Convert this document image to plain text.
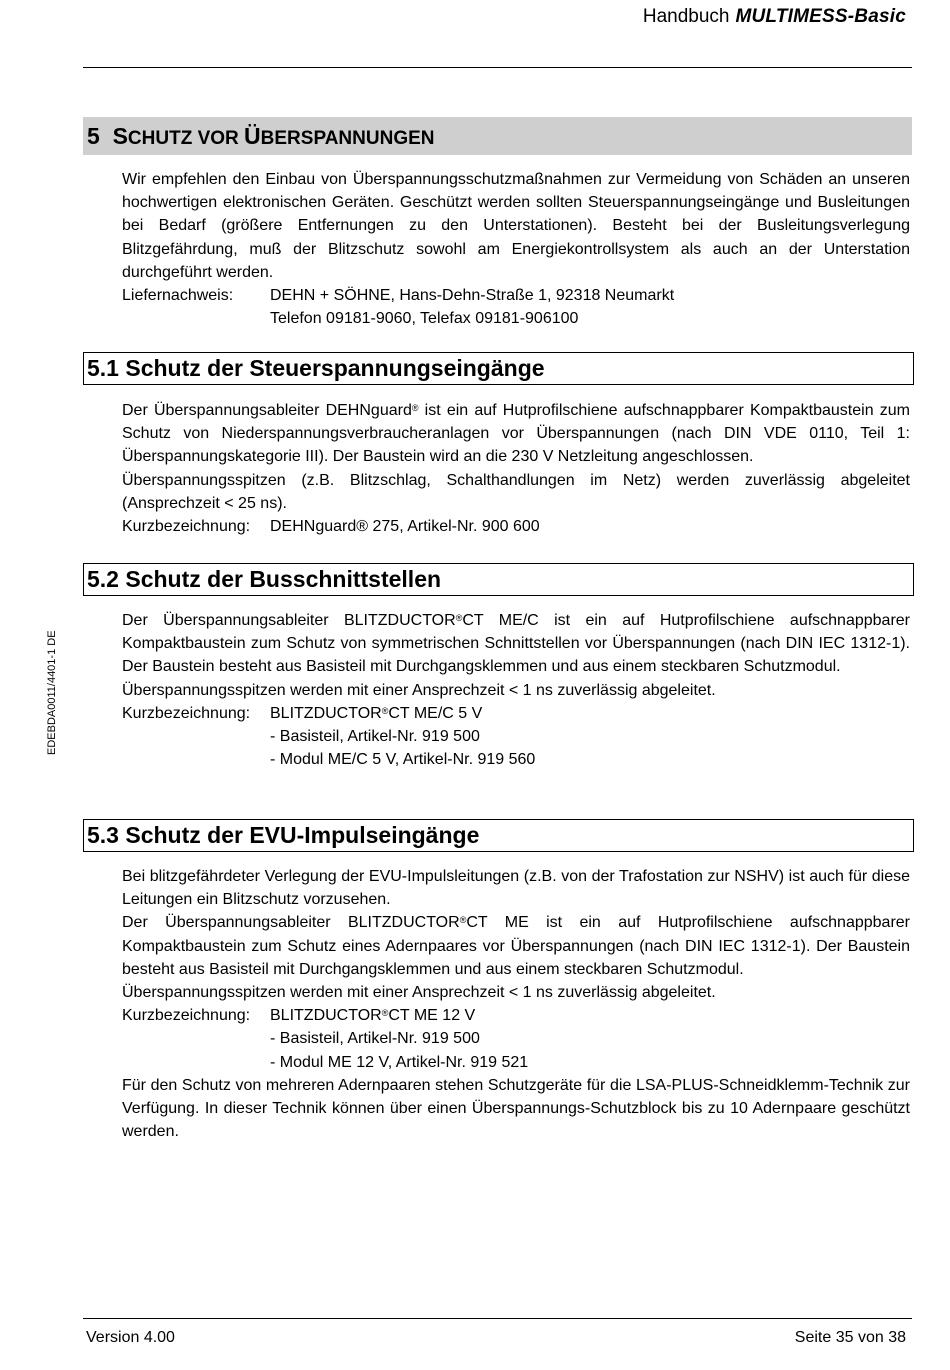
Handbuch MULTIMESS-Basic
5 SCHUTZ VOR ÜBERSPANNUNGEN

Wir empfehlen den Einbau von Überspannungsschutzmaßnahmen zur Vermeidung von Schäden an unseren hochwertigen elektronischen Geräten. Geschützt werden sollten Steuerspannungseingänge und Busleitungen bei Bedarf (größere Entfernungen zu den Unterstationen). Besteht bei der Busleitungsverlegung Blitzgefährdung, muß der Blitzschutz sowohl am Energiekontrollsystem als auch an der Unterstation durchgeführt werden.

Liefernachweis:	DEHN + SÖHNE, Hans-Dehn-Straße 1, 92318 Neumarkt
Telefon 09181-9060, Telefax 09181-906100
5.1 Schutz der Steuerspannungseingänge

Der Überspannungsableiter DEHNguard® ist ein auf Hutprofilschiene aufschnappbarer Kompaktbaustein zum Schutz von Niederspannungsverbraucheranlagen vor Überspannungen (nach DIN VDE 0110, Teil 1: Überspannungskategorie III). Der Baustein wird an die 230 V Netzleitung angeschlossen.

Überspannungsspitzen (z.B. Blitzschlag, Schalthandlungen im Netz) werden zuverlässig abgeleitet (Ansprechzeit < 25 ns).

Kurzbezeichnung:	DEHNguard® 275, Artikel-Nr. 900 600
5.2 Schutz der Busschnittstellen

Der Überspannungsableiter BLITZDUCTOR®CT ME/C ist ein auf Hutprofilschiene aufschnappbarer Kompaktbaustein zum Schutz von symmetrischen Schnittstellen vor Überspannungen (nach DIN IEC 1312-1). Der Baustein besteht aus Basisteil mit Durchgangsklemmen und aus einem steckbaren Schutzmodul.

Überspannungsspitzen werden mit einer Ansprechzeit < 1 ns zuverlässig abgeleitet.

Kurzbezeichnung:	BLITZDUCTOR®CT ME/C 5 V
- Basisteil, Artikel-Nr. 919 500
- Modul ME/C 5 V, Artikel-Nr. 919 560
5.3 Schutz der EVU-Impulseingänge

Bei blitzgefährdeter Verlegung der EVU-Impulsleitungen (z.B. von der Trafostation zur NSHV) ist auch für diese Leitungen ein Blitzschutz vorzusehen.

Der Überspannungsableiter BLITZDUCTOR®CT ME ist ein auf Hutprofilschiene aufschnappbarer Kompaktbaustein zum Schutz eines Adernpaares vor Überspannungen (nach DIN IEC 1312-1). Der Baustein besteht aus Basisteil mit Durchgangsklemmen und aus einem steckbaren Schutzmodul.

Überspannungsspitzen werden mit einer Ansprechzeit < 1 ns zuverlässig abgeleitet.

Kurzbezeichnung:	BLITZDUCTOR®CT ME 12 V
- Basisteil, Artikel-Nr. 919 500
- Modul ME 12 V, Artikel-Nr. 919 521

Für den Schutz von mehreren Adernpaaren stehen Schutzgeräte für die LSA-PLUS-Schneidklemm-Technik zur Verfügung. In dieser Technik können über einen Überspannungs-Schutzblock bis zu 10 Adernpaare geschützt werden.

EDEBDA0011/4401-1 DE
Version 4.00	Seite 35 von 38
